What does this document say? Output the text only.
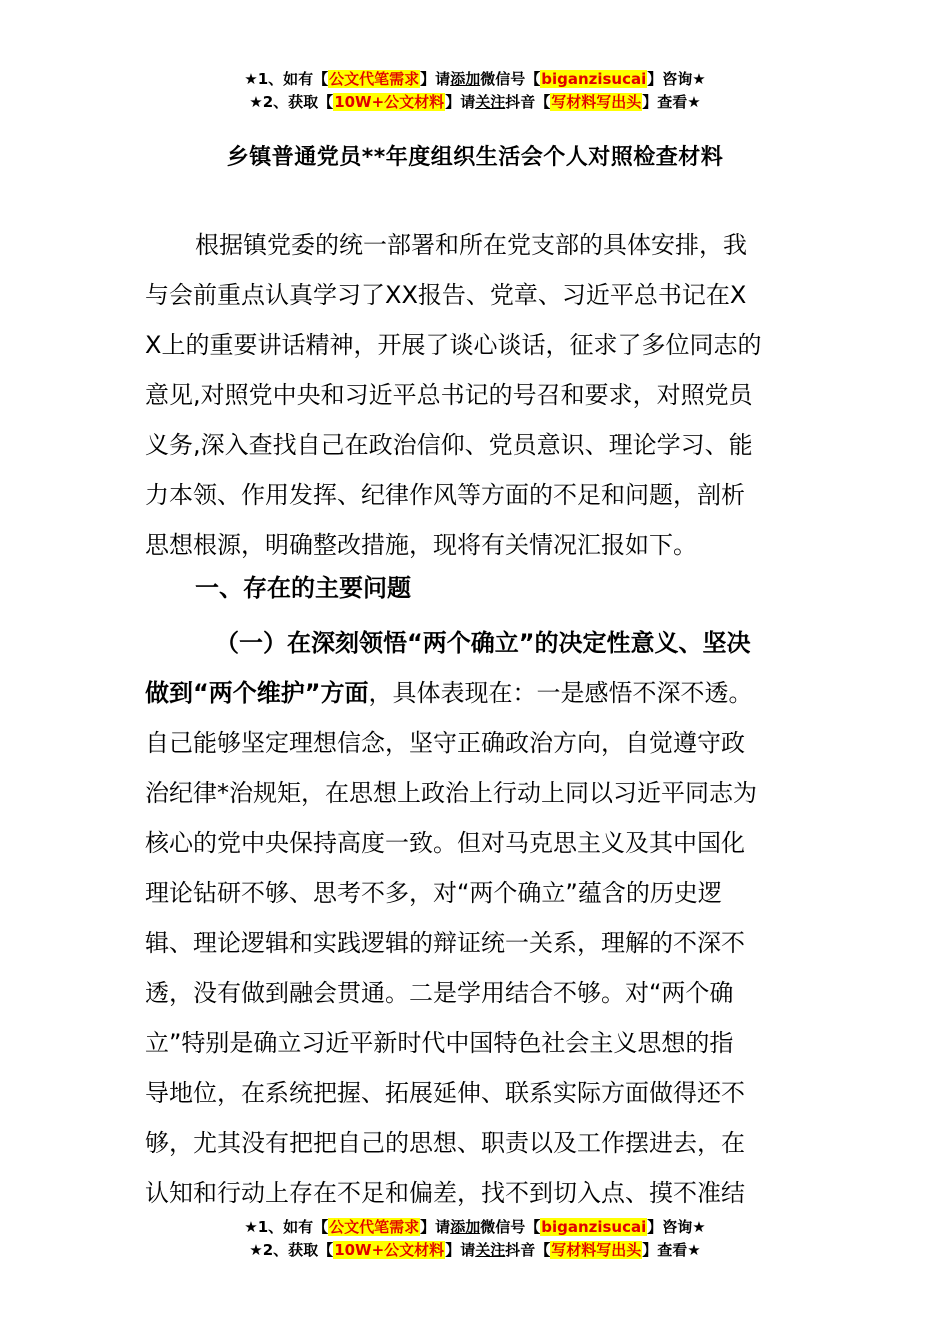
★1、如有【公文代笔需求】请添加微信号【biganzisucai】咨询★
★2、获取【10W+公文材料】请关注抖音【写材料写出头】查看★
乡镇普通党员**年度组织生活会个人对照检查材料
根据镇党委的统一部署和所在党支部的具体安排，我
与会前重点认真学习了XX报告、党章、习近平总书记在X
X上的重要讲话精神，开展了谈心谈话，征求了多位同志的
意见,对照党中央和习近平总书记的号召和要求，对照党员
义务,深入查找自己在政治信仰、党员意识、理论学习、能
力本领、作用发挥、纪律作风等方面的不足和问题，剖析
思想根源，明确整改措施，现将有关情况汇报如下。
一、存在的主要问题
（一）在深刻领悟“两个确立”的决定性意义、坚决
做到“两个维护”方面，具体表现在：一是感悟不深不透。
自己能够坚定理想信念，坚守正确政治方向，自觉遵守政
治纪律*治规矩，在思想上政治上行动上同以习近平同志为
核心的党中央保持高度一致。但对马克思主义及其中国化
理论钻研不够、思考不多，对“两个确立”蕴含的历史逻
辑、理论逻辑和实践逻辑的辩证统一关系，理解的不深不
透，没有做到融会贯通。二是学用结合不够。对“两个确
立”特别是确立习近平新时代中国特色社会主义思想的指
导地位，在系统把握、拓展延伸、联系实际方面做得还不
够，尤其没有把把自己的思想、职责以及工作摆进去，在
认知和行动上存在不足和偏差，找不到切入点、摸不准结
★1、如有【公文代笔需求】请添加微信号【biganzisucai】咨询★
★2、获取【10W+公文材料】请关注抖音【写材料写出头】查看★
